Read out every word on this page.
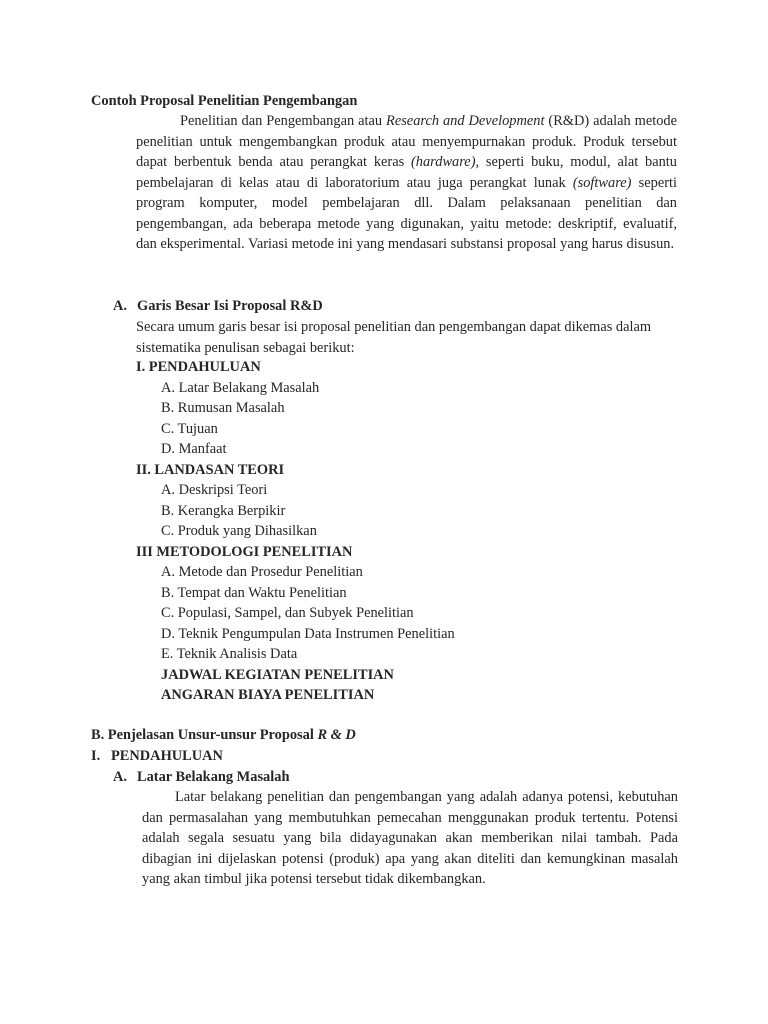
Contoh Proposal Penelitian Pengembangan
Penelitian dan Pengembangan atau Research and Development (R&D) adalah metode penelitian untuk mengembangkan produk atau menyempurnakan produk. Produk tersebut dapat berbentuk benda atau perangkat keras (hardware), seperti buku, modul, alat bantu pembelajaran di kelas atau di laboratorium atau juga perangkat lunak (software) seperti program komputer, model pembelajaran dll. Dalam pelaksanaan penelitian dan pengembangan, ada beberapa metode yang digunakan, yaitu metode: deskriptif, evaluatif, dan eksperimental. Variasi metode ini yang mendasari substansi proposal yang harus disusun.
A. Garis Besar Isi Proposal R&D
Secara umum garis besar isi proposal penelitian dan pengembangan dapat dikemas dalam sistematika penulisan sebagai berikut:
I. PENDAHULUAN
A. Latar Belakang Masalah
B. Rumusan Masalah
C. Tujuan
D. Manfaat
II. LANDASAN TEORI
A. Deskripsi Teori
B. Kerangka Berpikir
C. Produk yang Dihasilkan
III METODOLOGI PENELITIAN
A. Metode dan Prosedur Penelitian
B. Tempat dan Waktu Penelitian
C. Populasi, Sampel, dan Subyek Penelitian
D. Teknik Pengumpulan Data Instrumen Penelitian
E. Teknik Analisis Data
JADWAL KEGIATAN PENELITIAN
ANGARAN BIAYA PENELITIAN
B. Penjelasan Unsur-unsur Proposal R & D
I. PENDAHULUAN
A. Latar Belakang Masalah
Latar belakang penelitian dan pengembangan yang adalah adanya potensi, kebutuhan dan permasalahan yang membutuhkan pemecahan menggunakan produk tertentu. Potensi adalah segala sesuatu yang bila didayagunakan akan memberikan nilai tambah. Pada dibagian ini dijelaskan potensi (produk) apa yang akan diteliti dan kemungkinan masalah yang akan timbul jika potensi tersebut tidak dikembangkan.
